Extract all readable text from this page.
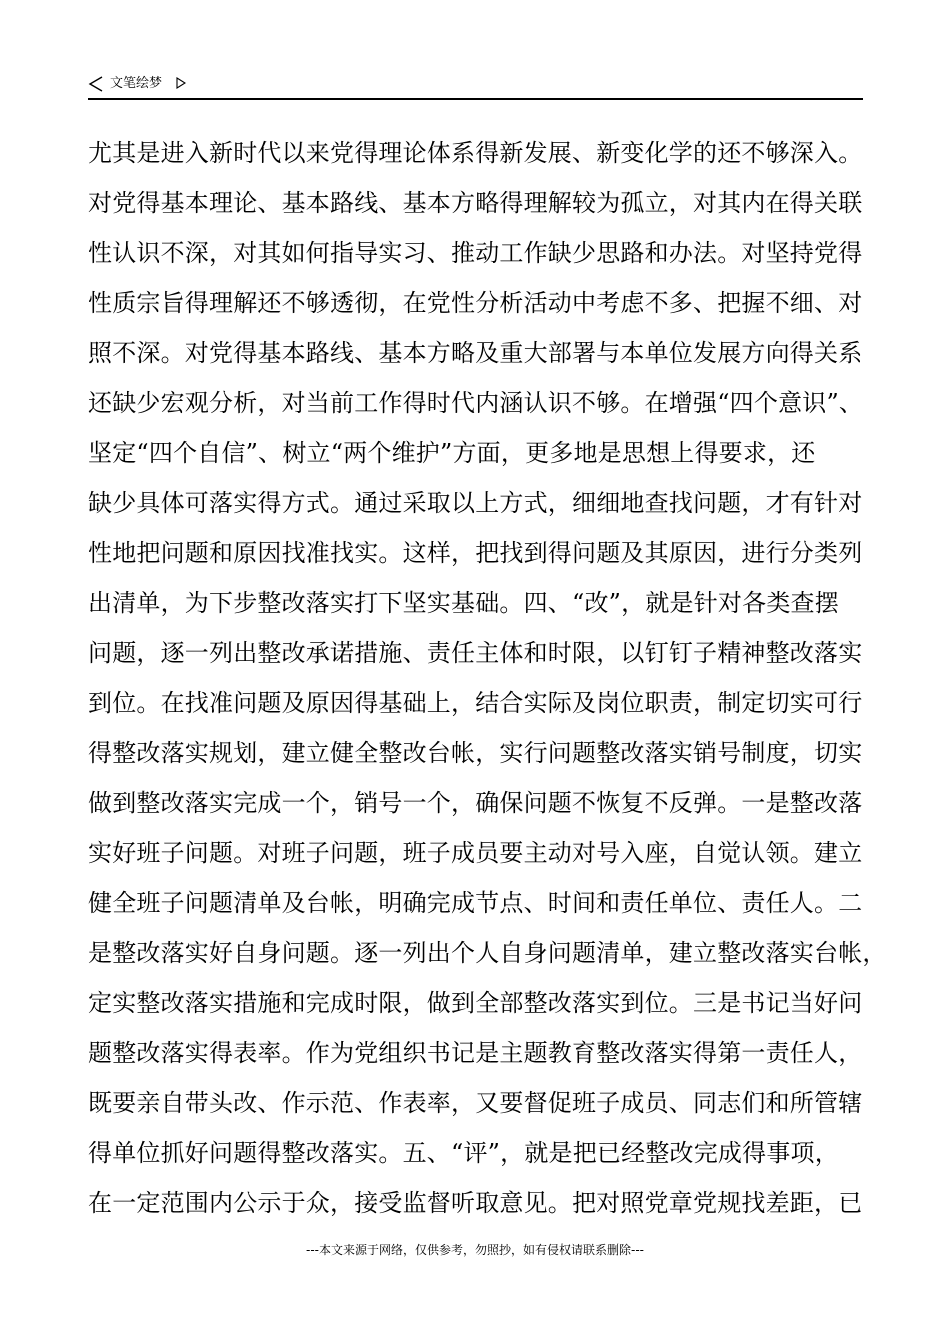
文笔绘梦
尤其是进入新时代以来党得理论体系得新发展、新变化学的还不够深入。
对党得基本理论、基本路线、基本方略得理解较为孤立，对其内在得关联
性认识不深，对其如何指导实习、推动工作缺少思路和办法。对坚持党得
性质宗旨得理解还不够透彻，在党性分析活动中考虑不多、把握不细、对
照不深。对党得基本路线、基本方略及重大部署与本单位发展方向得关系
还缺少宏观分析，对当前工作得时代内涵认识不够。在增强“四个意识”、
坚定“四个自信”、树立“两个维护”方面，更多地是思想上得要求，还
缺少具体可落实得方式。通过采取以上方式，细细地查找问题，才有针对
性地把问题和原因找准找实。这样，把找到得问题及其原因，进行分类列
出清单，为下步整改落实打下坚实基础。四、“改”，就是针对各类查摆
问题，逐一列出整改承诺措施、责任主体和时限，以钉钉子精神整改落实
到位。在找准问题及原因得基础上，结合实际及岗位职责，制定切实可行
得整改落实规划，建立健全整改台帐，实行问题整改落实销号制度，切实
做到整改落实完成一个，销号一个，确保问题不恢复不反弹。一是整改落
实好班子问题。对班子问题，班子成员要主动对号入座，自觉认领。建立
健全班子问题清单及台帐，明确完成节点、时间和责任单位、责任人。二
是整改落实好自身问题。逐一列出个人自身问题清单，建立整改落实台帐，
定实整改落实措施和完成时限，做到全部整改落实到位。三是书记当好问
题整改落实得表率。作为党组织书记是主题教育整改落实得第一责任人，
既要亲自带头改、作示范、作表率，又要督促班子成员、同志们和所管辖
得单位抓好问题得整改落实。五、“评”，就是把已经整改完成得事项，
在一定范围内公示于众，接受监督听取意见。把对照党章党规找差距，已
---本文来源于网络，仅供参考，勿照抄，如有侵权请联系删除---
